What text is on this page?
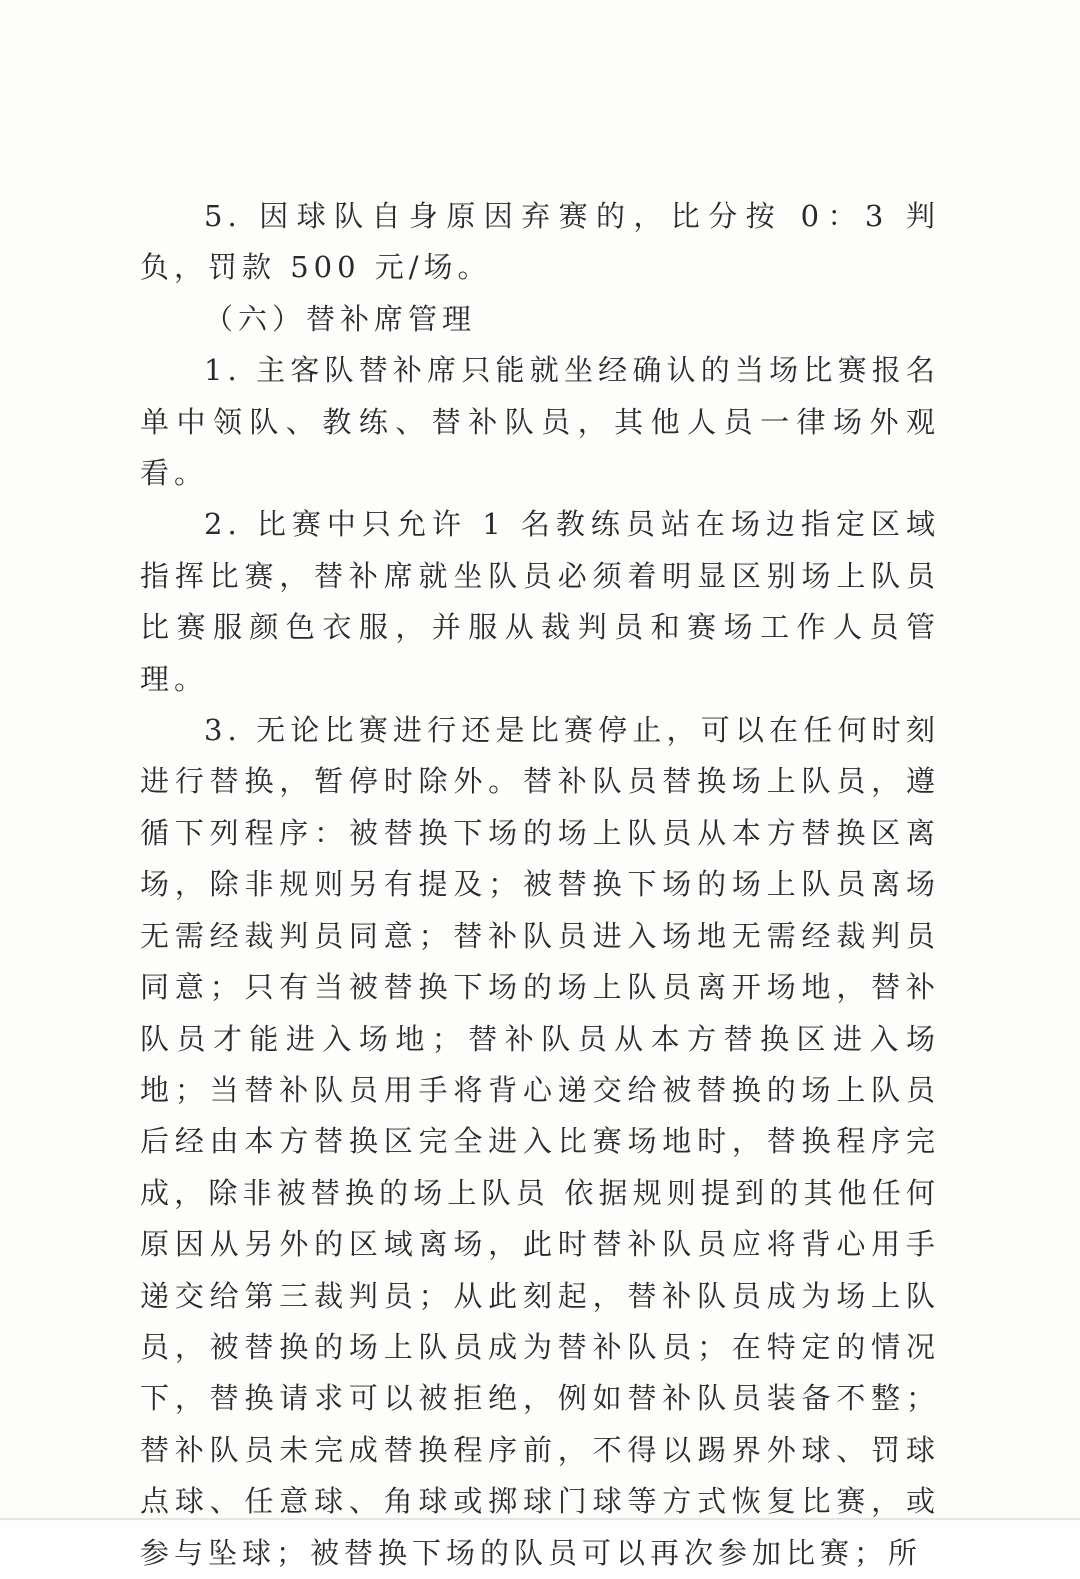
5. 因球队自身原因弃赛的，比分按 0：3 判负，罚款 500 元/场。

（六）替补席管理

1. 主客队替补席只能就坐经确认的当场比赛报名单中领队、教练、替补队员，其他人员一律场外观看。

2. 比赛中只允许 1 名教练员站在场边指定区域指挥比赛，替补席就坐队员必须着明显区别场上队员比赛服颜色衣服，并服从裁判员和赛场工作人员管理。

3. 无论比赛进行还是比赛停止，可以在任何时刻进行替换，暂停时除外。替补队员替换场上队员，遵循下列程序：被替换下场的场上队员从本方替换区离场，除非规则另有提及；被替换下场的场上队员离场无需经裁判员同意；替补队员进入场地无需经裁判员同意；只有当被替换下场的场上队员离开场地，替补队员才能进入场地；替补队员从本方替换区进入场地；当替补队员用手将背心递交给被替换的场上队员后经由本方替换区完全进入比赛场地时，替换程序完成，除非被替换的场上队员 依据规则提到的其他任何原因从另外的区域离场，此时替补队员应将背心用手递交给第三裁判员；从此刻起，替补队员成为场上队员，被替换的场上队员成为替补队员；在特定的情况下，替换请求可以被拒绝，例如替补队员装备不整；替补队员未完成替换程序前，不得以踢界外球、罚球点球、任意球、角球或掷球门球等方式恢复比赛，或参与坠球；被替换下场的队员可以再次参加比赛；所
